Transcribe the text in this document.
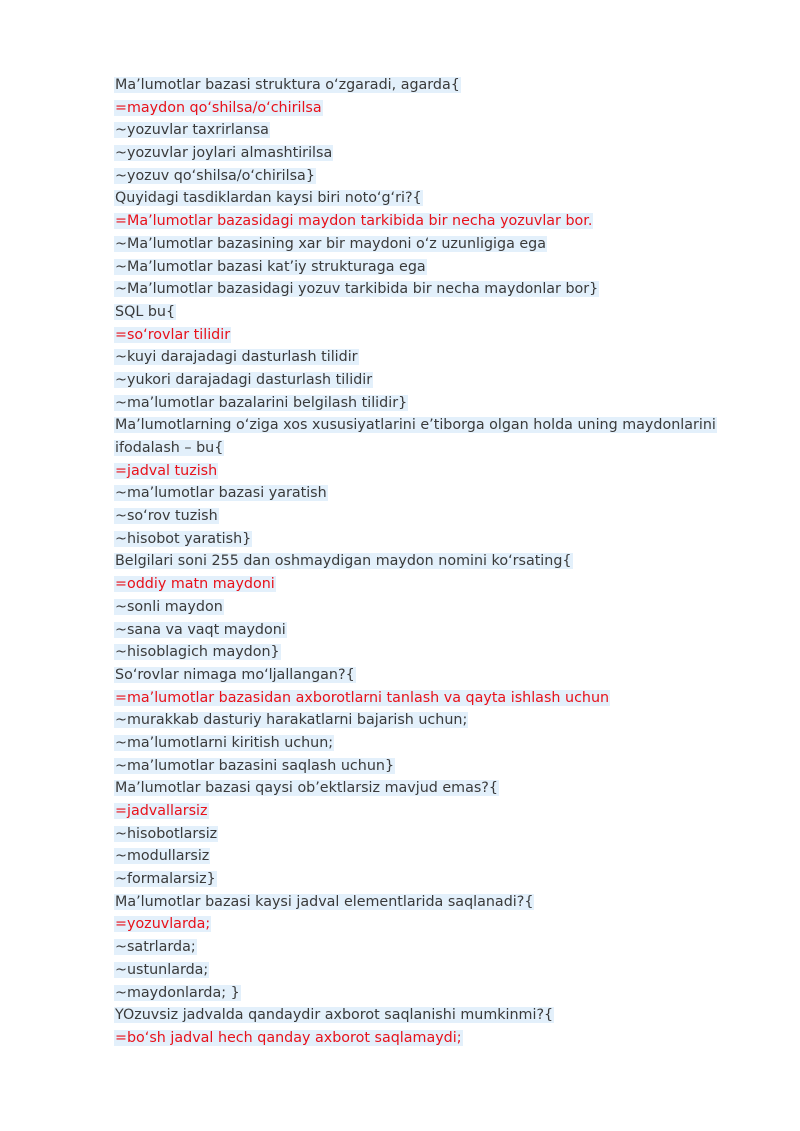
Ma’lumotlar bazasi struktura o‘zgaradi, agarda{
=maydon qo‘shilsa/o‘chirilsa
~yozuvlar taxrirlansa
~yozuvlar joylari almashtirilsa
~yozuv qo‘shilsa/o‘chirilsa}
Quyidagi tasdiklardan kaysi biri noto‘g‘ri?{
=Ma’lumotlar bazasidagi maydon tarkibida bir necha yozuvlar bor.
~Ma’lumotlar bazasining xar bir maydoni o‘z uzunligiga ega
~Ma’lumotlar bazasi kat’iy strukturaga ega
~Ma’lumotlar bazasidagi yozuv tarkibida bir necha maydonlar bor}
SQL bu{
=so‘rovlar tilidir
~kuyi darajadagi dasturlash tilidir
~yukori darajadagi dasturlash tilidir
~ma’lumotlar bazalarini belgilash tilidir}
Ma’lumotlarning o‘ziga xos xususiyatlarini e’tiborga olgan holda uning maydonlarini
ifodalash – bu{
=jadval tuzish
~ma’lumotlar bazasi yaratish
~so‘rov tuzish
~hisobot yaratish}
Belgilari soni 255 dan oshmaydigan maydon nomini ko‘rsating{
=oddiy matn maydoni
~sonli maydon
~sana va vaqt maydoni
~hisoblagich maydon}
So‘rovlar nimaga mo‘ljallangan?{
=ma’lumotlar bazasidan axborotlarni tanlash va qayta ishlash uchun
~murakkab dasturiy harakatlarni bajarish uchun;
~ma’lumotlarni kiritish uchun;
~ma’lumotlar bazasini saqlash uchun}
Ma’lumotlar bazasi qaysi ob’ektlarsiz mavjud emas?{
=jadvallarsiz
~hisobotlarsiz
~modullarsiz
~formalarsiz}
Ma’lumotlar bazasi kaysi jadval elementlarida saqlanadi?{
=yozuvlarda;
~satrlarda;
~ustunlarda;
~maydonlarda; }
YOzuvsiz jadvalda qandaydir axborot saqlanishi mumkinmi?{
=bo‘sh jadval hech qanday axborot saqlamaydi;
